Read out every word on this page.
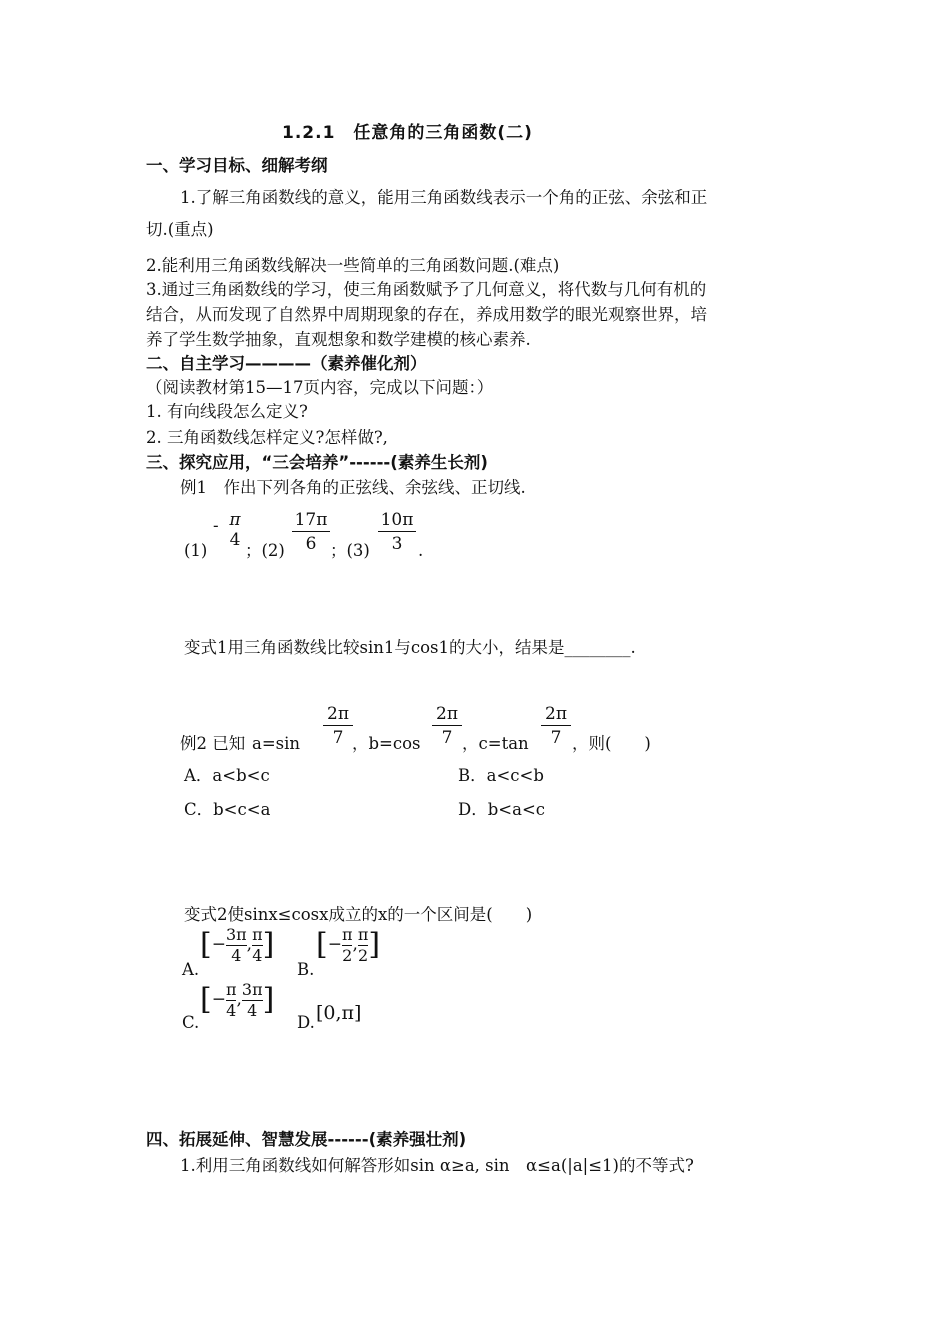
1.2.1　任意角的三角函数(二)
一、学习目标、细解考纲
1.了解三角函数线的意义，能用三角函数线表示一个角的正弦、余弦和正
切.(重点)
2.能利用三角函数线解决一些简单的三角函数问题.(难点)
3.通过三角函数线的学习，使三角函数赋予了几何意义，将代数与几何有机的
结合，从而发现了自然界中周期现象的存在，养成用数学的眼光观察世界，培
养了学生数学抽象，直观想象和数学建模的核心素养.
二、自主学习————（素养催化剂）
（阅读教材第15—17页内容，完成以下问题：）
1. 有向线段怎么定义?
2. 三角函数线怎样定义?怎样做?,
三、探究应用，“三会培养”------(素养生长剂)
例1　作出下列各角的正弦线、余弦线、正切线.
(1)
- π
4
；(2)
17π
6 ；(3)
10π
3 .
变式1用三角函数线比较sin1与cos1的大小，结果是________.
例2 已知 a=sin
2π
7 ，b=cos
2π
7 ，c=tan
2π
7 ，则(　　)
A．a<b<c	B．a<c<b
C．b<c<a	D．b<a<c
变式2使sinx≤cosx成立的x的一个区间是(　　)
A.
[− $\frac{3\pi}{4}$ , $\frac{\pi}{4}$ ]
B.
[− $\frac{\pi}{2}$ , $\frac{\pi}{2}$ ]
C.
[− $\frac{\pi}{4}$ , $\frac{3\pi}{4}$ ]
D. [0,π]
四、拓展延伸、智慧发展------(素养强壮剂)
1.利用三角函数线如何解答形如sin α≥a, sin　α≤a(|a|≤1)的不等式?
